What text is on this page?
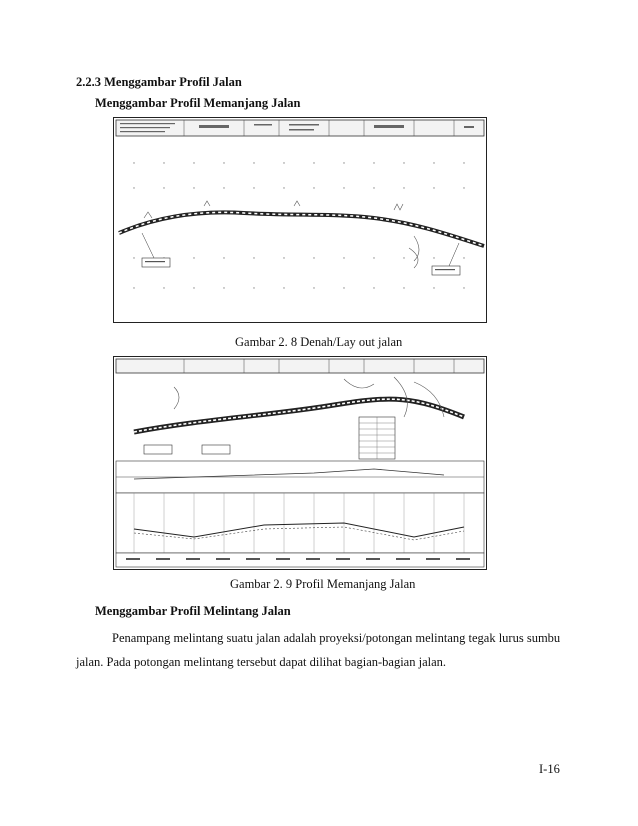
2.2.3 Menggambar Profil Jalan
Menggambar Profil Memanjang Jalan
Gambar 2. 8 Denah/Lay out jalan
Gambar 2. 9 Profil Memanjang Jalan
Menggambar Profil Melintang Jalan
Penampang melintang suatu jalan adalah proyeksi/potongan melintang tegak lurus sumbu
jalan. Pada potongan melintang tersebut dapat dilihat bagian-bagian jalan.
I-16
